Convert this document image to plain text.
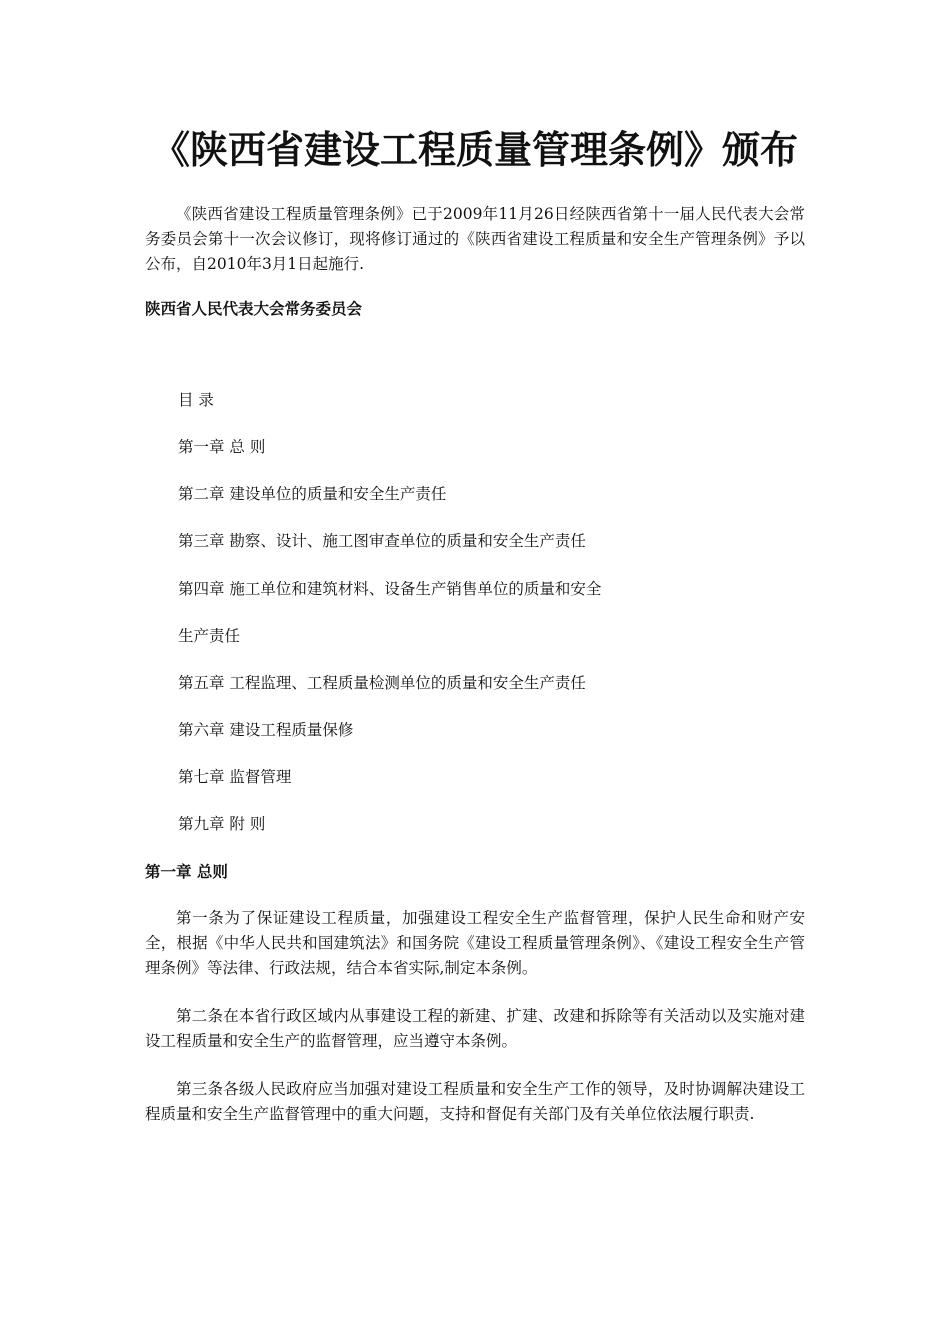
《陕西省建设工程质量管理条例》颁布

《陕西省建设工程质量管理条例》已于2009年11月26日经陕西省第十一届人民代表大会常务委员会第十一次会议修订，现将修订通过的《陕西省建设工程质量和安全生产管理条例》予以公布，自2010年3月1日起施行.

陕西省人民代表大会常务委员会
目 录
第一章 总 则
第二章 建设单位的质量和安全生产责任
第三章 勘察、设计、施工图审查单位的质量和安全生产责任
第四章 施工单位和建筑材料、设备生产销售单位的质量和安全
生产责任
第五章 工程监理、工程质量检测单位的质量和安全生产责任
第六章 建设工程质量保修
第七章 监督管理
第九章 附 则
第一章 总则

第一条为了保证建设工程质量，加强建设工程安全生产监督管理，保护人民生命和财产安全，根据《中华人民共和国建筑法》和国务院《建设工程质量管理条例》、《建设工程安全生产管理条例》等法律、行政法规，结合本省实际,制定本条例。

第二条在本省行政区域内从事建设工程的新建、扩建、改建和拆除等有关活动以及实施对建设工程质量和安全生产的监督管理，应当遵守本条例。

第三条各级人民政府应当加强对建设工程质量和安全生产工作的领导，及时协调解决建设工程质量和安全生产监督管理中的重大问题，支持和督促有关部门及有关单位依法履行职责.
